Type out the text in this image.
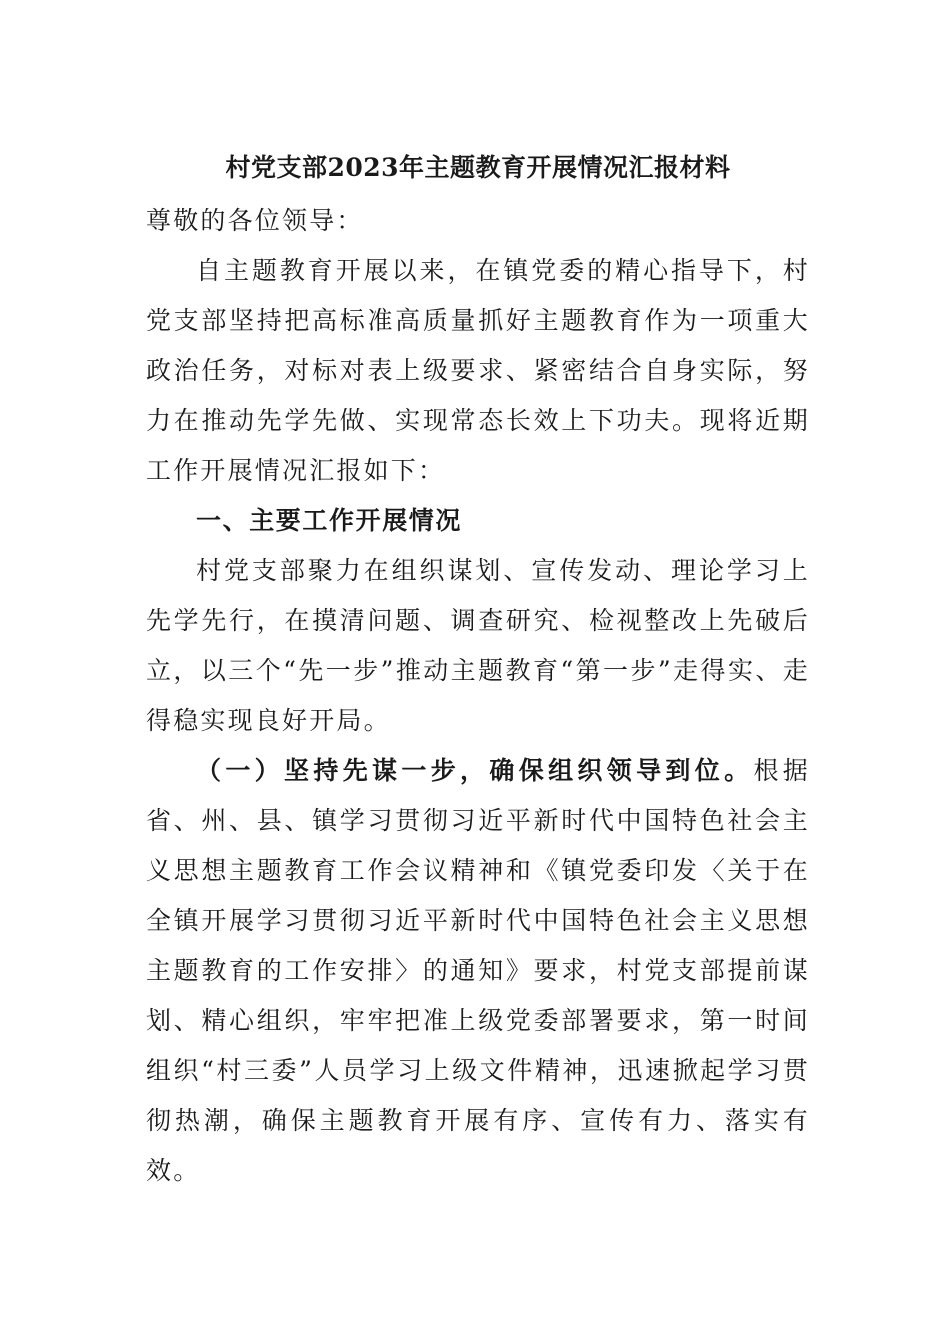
村党支部2023年主题教育开展情况汇报材料

尊敬的各位领导：

自主题教育开展以来，在镇党委的精心指导下，村党支部坚持把高标准高质量抓好主题教育作为一项重大政治任务，对标对表上级要求、紧密结合自身实际，努力在推动先学先做、实现常态长效上下功夫。现将近期工作开展情况汇报如下：

一、主要工作开展情况

村党支部聚力在组织谋划、宣传发动、理论学习上先学先行，在摸清问题、调查研究、检视整改上先破后立，以三个“先一步”推动主题教育“第一步”走得实、走得稳实现良好开局。

（一）坚持先谋一步，确保组织领导到位。根据省、州、县、镇学习贯彻习近平新时代中国特色社会主义思想主题教育工作会议精神和《镇党委印发〈关于在全镇开展学习贯彻习近平新时代中国特色社会主义思想主题教育的工作安排〉的通知》要求，村党支部提前谋划、精心组织，牢牢把准上级党委部署要求，第一时间组织“村三委”人员学习上级文件精神，迅速掀起学习贯彻热潮，确保主题教育开展有序、宣传有力、落实有效。
